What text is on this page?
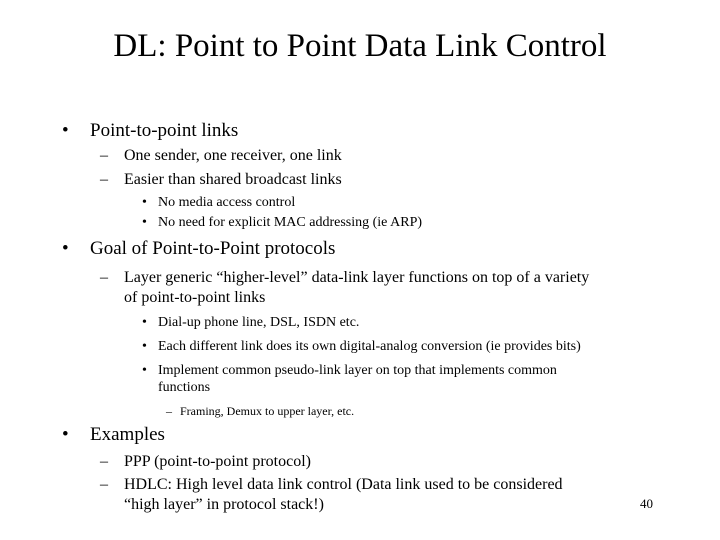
DL: Point to Point Data Link Control
• Point-to-point links
– One sender, one receiver, one link
– Easier than shared broadcast links
• No media access control
• No need for explicit MAC addressing (ie ARP)
• Goal of Point-to-Point protocols
– Layer generic “higher-level” data-link layer functions on top of a variety
of point-to-point links
• Dial-up phone line, DSL, ISDN etc.
• Each different link does its own digital-analog conversion (ie provides bits)
• Implement common pseudo-link layer on top that implements common
functions
– Framing, Demux to upper layer, etc.
• Examples
– PPP (point-to-point protocol)
– HDLC: High level data link control (Data link used to be considered
“high layer” in protocol stack!)	40
